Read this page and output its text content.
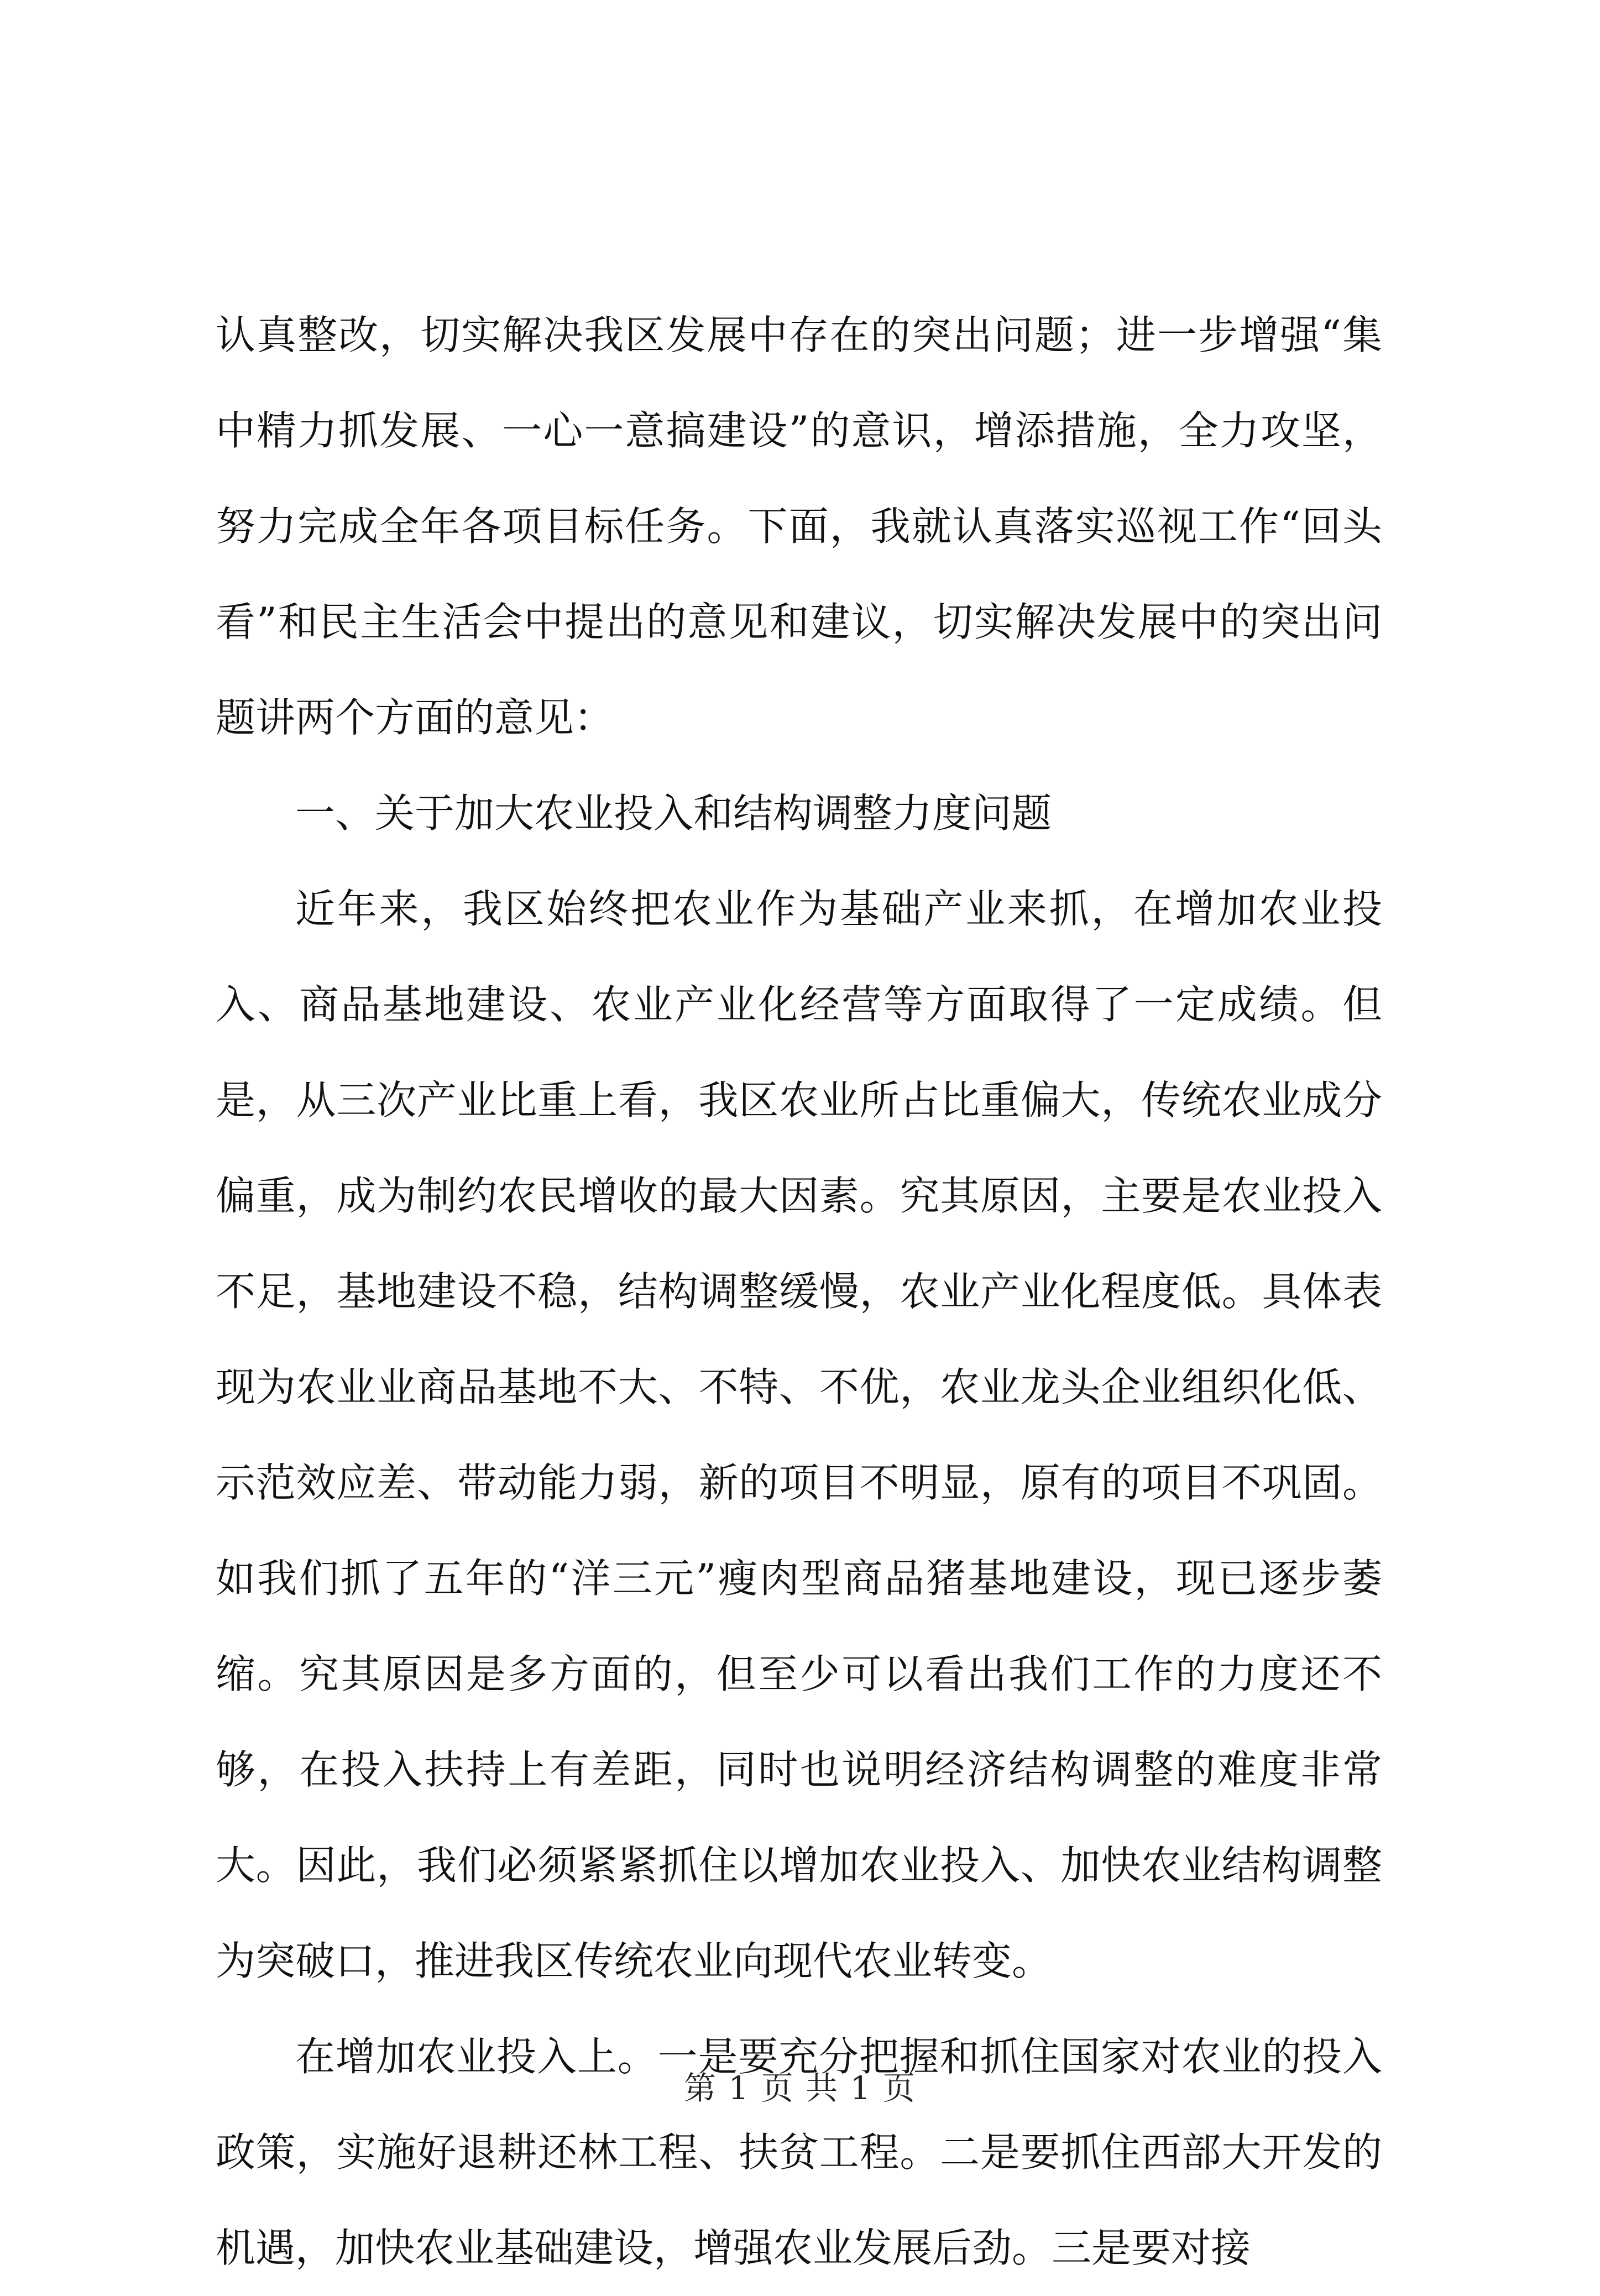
认真整改，切实解决我区发展中存在的突出问题；进一步增强“集中精力抓发展、一心一意搞建设”的意识，增添措施，全力攻坚，努力完成全年各项目标任务。下面，我就认真落实巡视工作“回头看”和民主生活会中提出的意见和建议，切实解决发展中的突出问题讲两个方面的意见：

一、关于加大农业投入和结构调整力度问题

近年来，我区始终把农业作为基础产业来抓，在增加农业投入、商品基地建设、农业产业化经营等方面取得了一定成绩。但是，从三次产业比重上看，我区农业所占比重偏大，传统农业成分偏重，成为制约农民增收的最大因素。究其原因，主要是农业投入不足，基地建设不稳，结构调整缓慢，农业产业化程度低。具体表现为农业业商品基地不大、不特、不优，农业龙头企业组织化低、示范效应差、带动能力弱，新的项目不明显，原有的项目不巩固。如我们抓了五年的“洋三元”瘦肉型商品猪基地建设，现已逐步萎缩。究其原因是多方面的，但至少可以看出我们工作的力度还不够，在投入扶持上有差距，同时也说明经济结构调整的难度非常大。因此，我们必须紧紧抓住以增加农业投入、加快农业结构调整为突破口，推进我区传统农业向现代农业转变。

在增加农业投入上。一是要充分把握和抓住国家对农业的投入政策，实施好退耕还林工程、扶贫工程。二是要抓住西部大开发的机遇，加快农业基础建设，增强农业发展后劲。三是要对接

第 1 页 共 1 页
